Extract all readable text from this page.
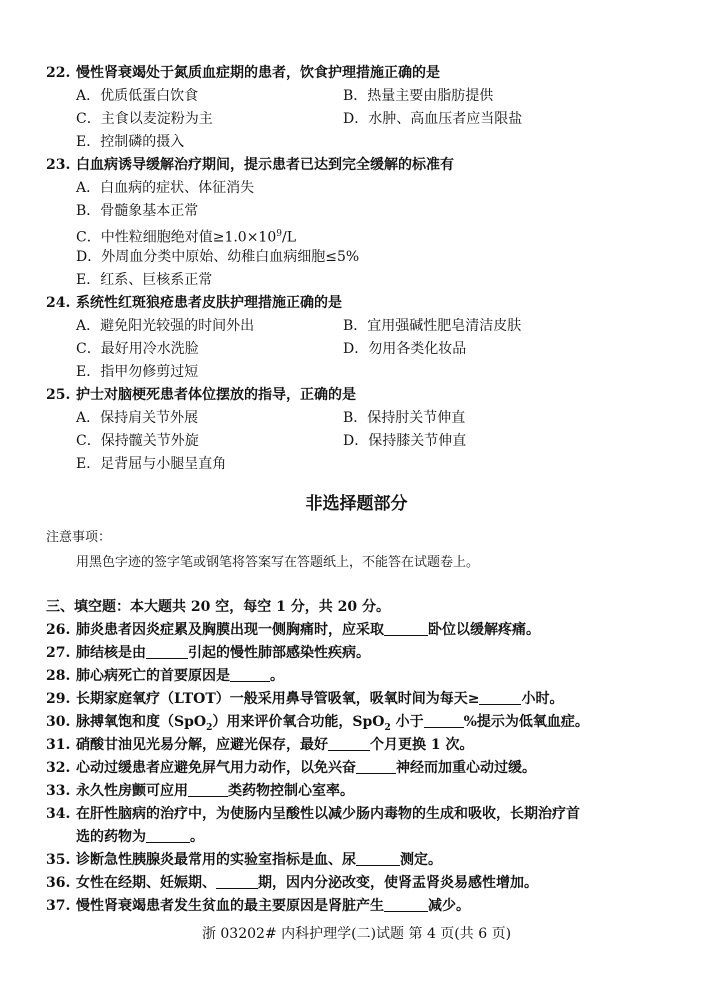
22. 慢性肾衰竭处于氮质血症期的患者，饮食护理措施正确的是
A．优质低蛋白饮食	B．热量主要由脂肪提供
C．主食以麦淀粉为主	D．水肿、高血压者应当限盐
E．控制磷的摄入
23. 白血病诱导缓解治疗期间，提示患者已达到完全缓解的标准有
A．白血病的症状、体征消失
B．骨髓象基本正常
C．中性粒细胞绝对值$\ge 1.0\times 10^9/L$
D．外周血分类中原始、幼稚白血病细胞≤5%
E．红系、巨核系正常
24. 系统性红斑狼疮患者皮肤护理措施正确的是
A．避免阳光较强的时间外出	B．宜用强碱性肥皂清洁皮肤
C．最好用冷水洗脸	D．勿用各类化妆品
E．指甲勿修剪过短
25. 护士对脑梗死患者体位摆放的指导，正确的是
A．保持肩关节外展	B．保持肘关节伸直
C．保持髋关节外旋	D．保持膝关节伸直
E．足背屈与小腿呈直角
非选择题部分
注意事项：
用黑色字迹的签字笔或钢笔将答案写在答题纸上，不能答在试题卷上。
三、填空题：本大题共 20 空，每空 1 分，共 20 分。
26. 肺炎患者因炎症累及胸膜出现一侧胸痛时，应采取	卧位以缓解疼痛。
27. 肺结核是由	引起的慢性肺部感染性疾病。
28. 肺心病死亡的首要原因是	。
29. 长期家庭氧疗（LTOT）一般采用鼻导管吸氧，吸氧时间为每天≥	小时。
30. 脉搏氧饱和度（SpO$_2$）用来评价氧合功能，SpO$_2$ 小于	%提示为低氧血症。
31. 硝酸甘油见光易分解，应避光保存，最好	个月更换 1 次。
32. 心动过缓患者应避免屏气用力动作，以免兴奋	神经而加重心动过缓。
33. 永久性房颤可应用	类药物控制心室率。
34. 在肝性脑病的治疗中，为使肠内呈酸性以减少肠内毒物的生成和吸收，长期治疗首
选的药物为	。
35. 诊断急性胰腺炎最常用的实验室指标是血、尿	测定。
36. 女性在经期、妊娠期、	期，因内分泌改变，使肾盂肾炎易感性增加。
37. 慢性肾衰竭患者发生贫血的最主要原因是肾脏产生	减少。
浙 03202# 内科护理学(二)试题 第 4 页(共 6 页)
